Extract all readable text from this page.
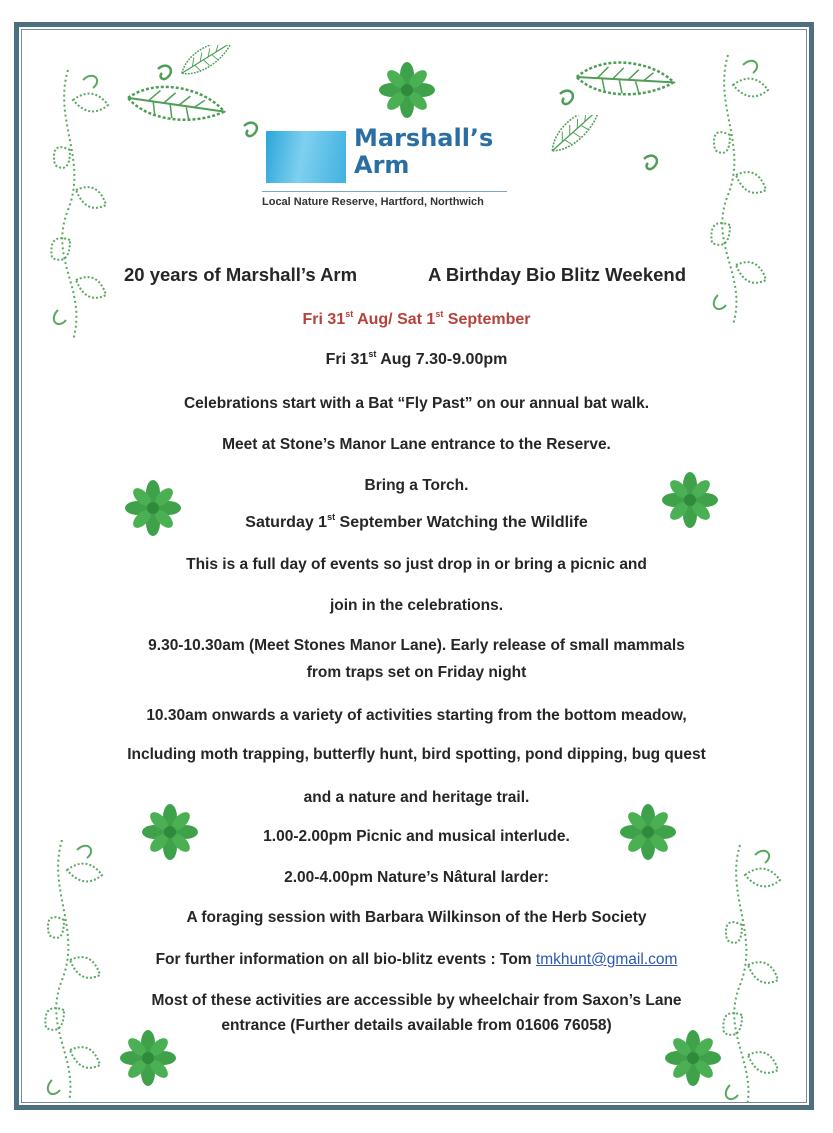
Marshall’s
Arm
Local Nature Reserve, Hartford, Northwich
20 years of Marshall’s Arm	A Birthday Bio Blitz Weekend
Fri 31st Aug/ Sat 1st September
Fri 31st Aug 7.30-9.00pm
Celebrations start with a Bat “Fly Past” on our annual bat walk.
Meet at Stone’s Manor Lane entrance to the Reserve.
Bring a Torch.
Saturday 1st September Watching the Wildlife
This is a full day of events so just drop in or bring a picnic and
join in the celebrations.
9.30-10.30am (Meet Stones Manor Lane). Early release of small mammals
from traps set on Friday night
10.30am onwards a variety of activities starting from the bottom meadow,
Including moth trapping, butterfly hunt, bird spotting, pond dipping, bug quest
and a nature and heritage trail.
1.00-2.00pm Picnic and musical interlude.
2.00-4.00pm Nature’s Nâtural larder:
A foraging session with Barbara Wilkinson of the Herb Society
For further information on all bio-blitz events : Tom tmkhunt@gmail.com
Most of these activities are accessible by wheelchair from Saxon’s Lane
entrance (Further details available from 01606 76058)
